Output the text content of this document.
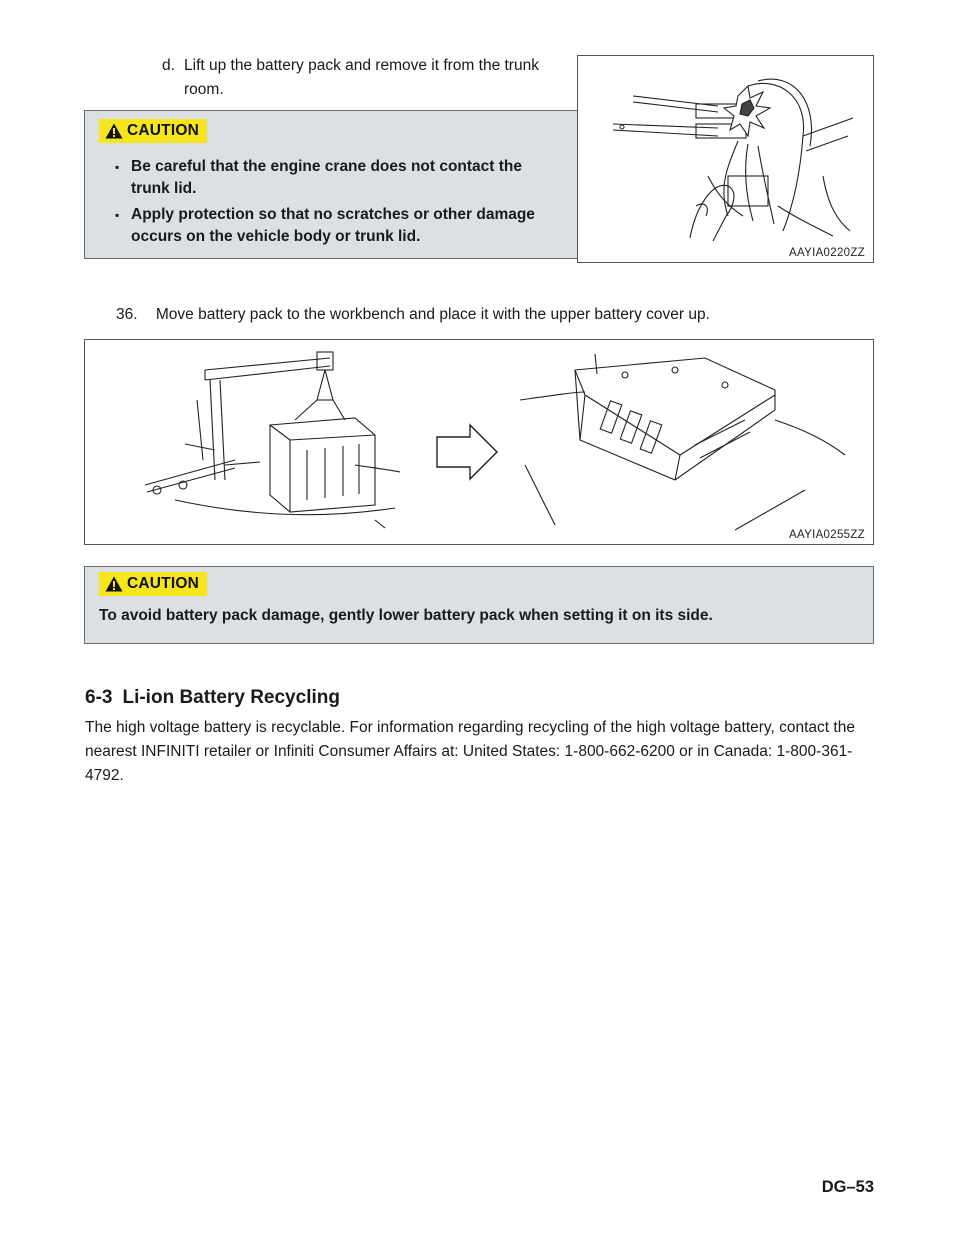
d. Lift up the battery pack and remove it from the trunk room.
CAUTION
▪ Be careful that the engine crane does not contact the trunk lid.
▪ Apply protection so that no scratches or other damage occurs on the vehicle body or trunk lid.
AAYIA0220ZZ
36. Move battery pack to the workbench and place it with the upper battery cover up.
AAYIA0255ZZ
CAUTION
To avoid battery pack damage, gently lower battery pack when setting it on its side.
6-3 Li-ion Battery Recycling

The high voltage battery is recyclable. For information regarding recycling of the high voltage battery, contact the nearest INFINITI retailer or Infiniti Consumer Affairs at: United States: 1-800-662-6200 or in Canada: 1-800-361-4792.

DG–53
